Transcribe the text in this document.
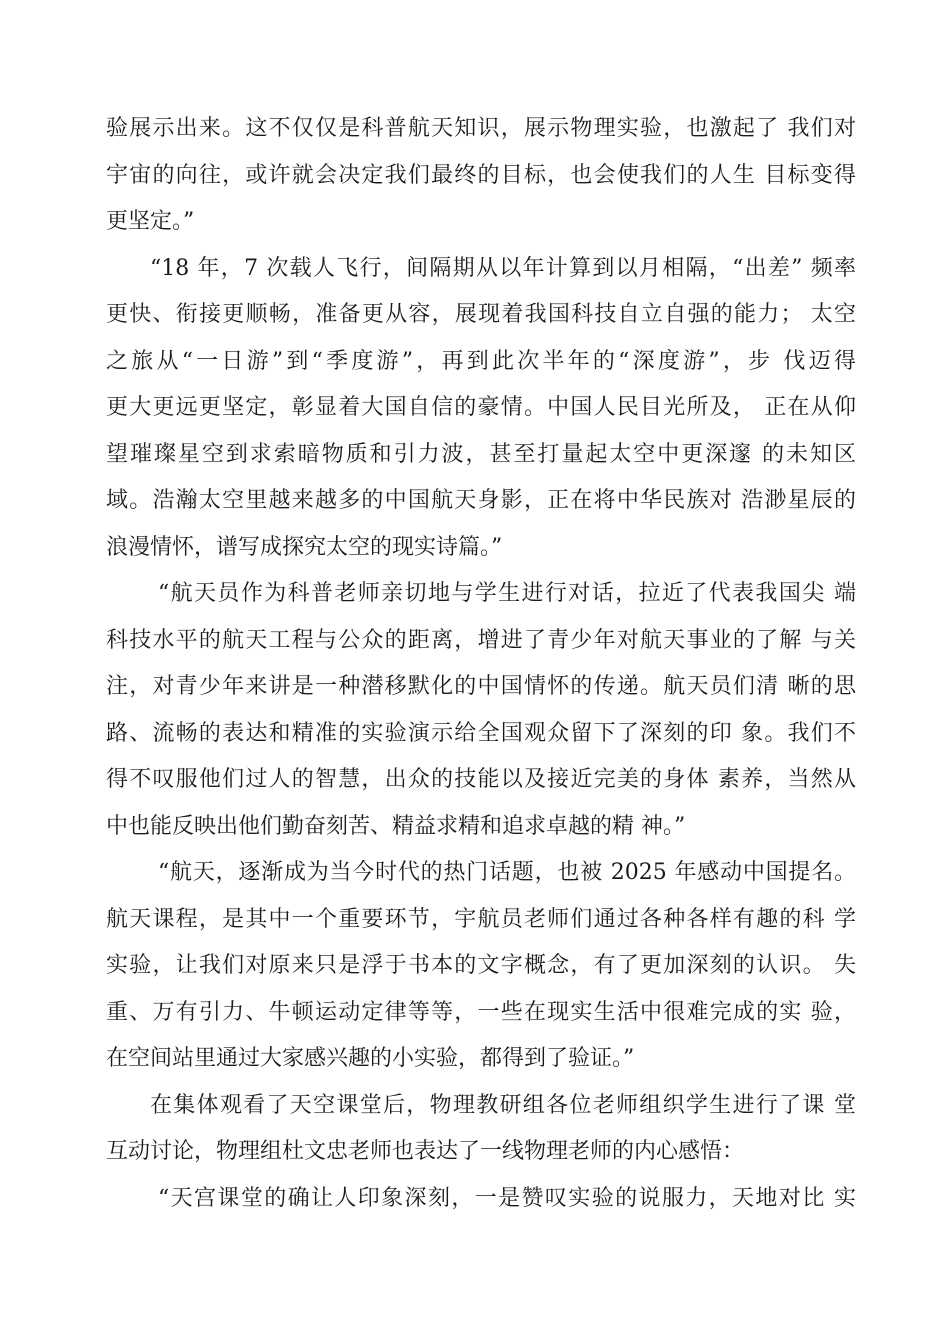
验展示出来。这不仅仅是科普航天知识，展示物理实验，也激起了 我们对
宇宙的向往，或许就会决定我们最终的目标，也会使我们的人生 目标变得
更坚定。”
“18 年，7 次载人飞行，间隔期从以年计算到以月相隔，“出差” 频率
更快、衔接更顺畅，准备更从容，展现着我国科技自立自强的能力； 太空
之旅从“一日游”到“季度游”，再到此次半年的“深度游”，步 伐迈得
更大更远更坚定，彰显着大国自信的豪情。中国人民目光所及， 正在从仰
望璀璨星空到求索暗物质和引力波，甚至打量起太空中更深邃 的未知区
域。浩瀚太空里越来越多的中国航天身影，正在将中华民族对 浩渺星辰的
浪漫情怀，谱写成探究太空的现实诗篇。”
“航天员作为科普老师亲切地与学生进行对话，拉近了代表我国尖 端
科技水平的航天工程与公众的距离，增进了青少年对航天事业的了解 与关
注，对青少年来讲是一种潜移默化的中国情怀的传递。航天员们清 晰的思
路、流畅的表达和精准的实验演示给全国观众留下了深刻的印 象。我们不
得不叹服他们过人的智慧，出众的技能以及接近完美的身体 素养，当然从
中也能反映出他们勤奋刻苦、精益求精和追求卓越的精 神。”
“航天，逐渐成为当今时代的热门话题，也被 2025 年感动中国提名。
航天课程，是其中一个重要环节，宇航员老师们通过各种各样有趣的科 学
实验，让我们对原来只是浮于书本的文字概念，有了更加深刻的认识。 失
重、万有引力、牛顿运动定律等等，一些在现实生活中很难完成的实 验，
在空间站里通过大家感兴趣的小实验，都得到了验证。”
在集体观看了天空课堂后，物理教研组各位老师组织学生进行了课 堂
互动讨论，物理组杜文忠老师也表达了一线物理老师的内心感悟：
“天宫课堂的确让人印象深刻，一是赞叹实验的说服力，天地对比 实
